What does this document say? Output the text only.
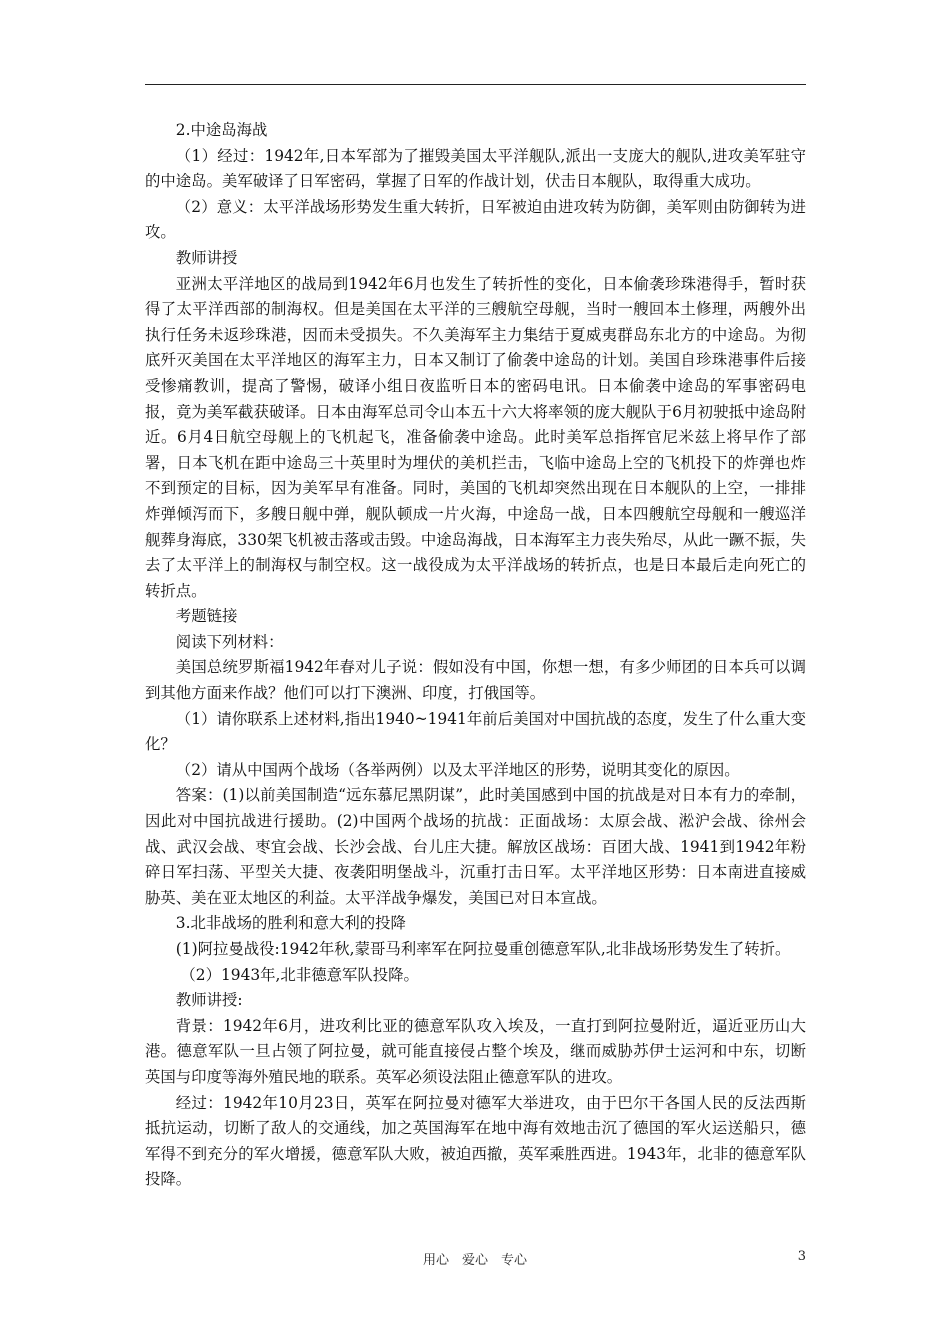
2.中途岛海战

（1）经过：1942年,日本军部为了摧毁美国太平洋舰队,派出一支庞大的舰队,进攻美军驻守的中途岛。美军破译了日军密码，掌握了日军的作战计划，伏击日本舰队，取得重大成功。

（2）意义：太平洋战场形势发生重大转折，日军被迫由进攻转为防御，美军则由防御转为进攻。

教师讲授

亚洲太平洋地区的战局到1942年6月也发生了转折性的变化，日本偷袭珍珠港得手，暂时获得了太平洋西部的制海权。但是美国在太平洋的三艘航空母舰，当时一艘回本土修理，两艘外出执行任务未返珍珠港，因而未受损失。不久美海军主力集结于夏威夷群岛东北方的中途岛。为彻底歼灭美国在太平洋地区的海军主力，日本又制订了偷袭中途岛的计划。美国自珍珠港事件后接受惨痛教训，提高了警惕，破译小组日夜监听日本的密码电讯。日本偷袭中途岛的军事密码电报，竟为美军截获破译。日本由海军总司令山本五十六大将率领的庞大舰队于6月初驶抵中途岛附近。6月4日航空母舰上的飞机起飞，准备偷袭中途岛。此时美军总指挥官尼米兹上将早作了部署，日本飞机在距中途岛三十英里时为埋伏的美机拦击，飞临中途岛上空的飞机投下的炸弹也炸不到预定的目标，因为美军早有准备。同时，美国的飞机却突然出现在日本舰队的上空，一排排炸弹倾泻而下，多艘日舰中弹，舰队顿成一片火海，中途岛一战，日本四艘航空母舰和一艘巡洋舰葬身海底，330架飞机被击落或击毁。中途岛海战，日本海军主力丧失殆尽，从此一蹶不振，失去了太平洋上的制海权与制空权。这一战役成为太平洋战场的转折点，也是日本最后走向死亡的转折点。

考题链接

阅读下列材料：

美国总统罗斯福1942年春对儿子说：假如没有中国，你想一想，有多少师团的日本兵可以调到其他方面来作战？他们可以打下澳洲、印度，打俄国等。

（1）请你联系上述材料,指出1940~1941年前后美国对中国抗战的态度，发生了什么重大变化？

（2）请从中国两个战场（各举两例）以及太平洋地区的形势，说明其变化的原因。

答案：(1)以前美国制造“远东慕尼黑阴谋”，此时美国感到中国的抗战是对日本有力的牵制，因此对中国抗战进行援助。(2)中国两个战场的抗战：正面战场：太原会战、淞沪会战、徐州会战、武汉会战、枣宜会战、长沙会战、台儿庄大捷。解放区战场：百团大战、1941到1942年粉碎日军扫荡、平型关大捷、夜袭阳明堡战斗，沉重打击日军。太平洋地区形势：日本南进直接威胁英、美在亚太地区的利益。太平洋战争爆发，美国已对日本宣战。

3.北非战场的胜利和意大利的投降

(1)阿拉曼战役:1942年秋,蒙哥马利率军在阿拉曼重创德意军队,北非战场形势发生了转折。

（2）1943年,北非德意军队投降。

教师讲授:

背景：1942年6月，进攻利比亚的德意军队攻入埃及，一直打到阿拉曼附近，逼近亚历山大港。德意军队一旦占领了阿拉曼，就可能直接侵占整个埃及，继而威胁苏伊士运河和中东，切断英国与印度等海外殖民地的联系。英军必须设法阻止德意军队的进攻。

经过：1942年10月23日，英军在阿拉曼对德军大举进攻，由于巴尔干各国人民的反法西斯抵抗运动，切断了敌人的交通线，加之英国海军在地中海有效地击沉了德国的军火运送船只，德军得不到充分的军火增援，德意军队大败，被迫西撤，英军乘胜西进。1943年，北非的德意军队投降。

用心　爱心　专心	3
